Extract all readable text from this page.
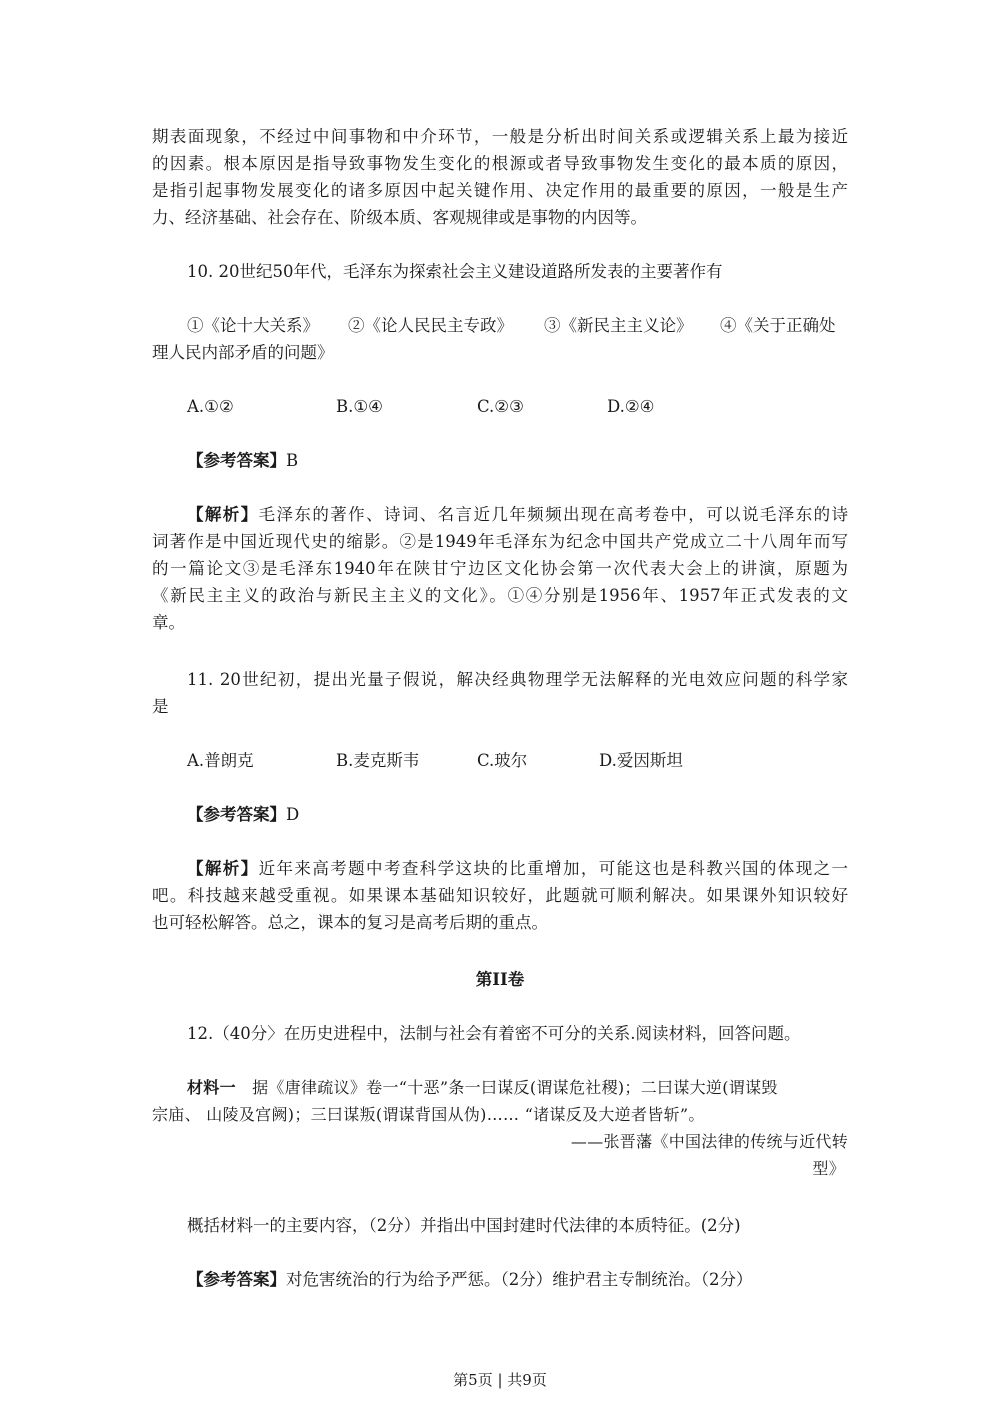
期表面现象，不经过中间事物和中介环节，一般是分析出时间关系或逻辑关系上最为接近
的因素。根本原因是指导致事物发生变化的根源或者导致事物发生变化的最本质的原因，
是指引起事物发展变化的诸多原因中起关键作用、决定作用的最重要的原因，一般是生产
力、经济基础、社会存在、阶级本质、客观规律或是事物的内因等。
10. 20世纪50年代，毛泽东为探索社会主义建设道路所发表的主要著作有
①《论十大关系》 ②《论人民民主专政》 ③《新民主主义论》 ④《关于正确处
理人民内部矛盾的问题》
A.①②	B.①④	C.②③	D.②④
【参考答案】B
【解析】毛泽东的著作、诗词、名言近几年频频出现在高考卷中，可以说毛泽东的诗
词著作是中国近现代史的缩影。②是1949年毛泽东为纪念中国共产党成立二十八周年而写
的一篇论文③是毛泽东1940年在陕甘宁边区文化协会第一次代表大会上的讲演，原题为
《新民主主义的政治与新民主主义的文化》。①④分别是1956年、1957年正式发表的文
章。
11. 20世纪初，提出光量子假说，解决经典物理学无法解释的光电效应问题的科学家
是
A.普朗克	B.麦克斯韦	C.玻尔	D.爱因斯坦
【参考答案】D
【解析】近年来高考题中考查科学这块的比重增加，可能这也是科教兴国的体现之一
吧。科技越来越受重视。如果课本基础知识较好，此题就可顺利解决。如果课外知识较好
也可轻松解答。总之，课本的复习是高考后期的重点。
第II卷
12.（40分〉在历史进程中，法制与社会有着密不可分的关系.阅读材料，回答问题。
材料一 据《唐律疏议》卷一“十恶”条一曰谋反(谓谋危社稷)；二曰谋大逆(谓谋毁
宗庙、 山陵及宫阙)；三曰谋叛(谓谋背国从伪)…… “诸谋反及大逆者皆斩”。
——张晋藩《中国法律的传统与近代转
型》
概括材料一的主要内容，（2分）并指出中国封建时代法律的本质特征。(2分)
【参考答案】对危害统治的行为给予严惩。（2分）维护君主专制统治。（2分）
第5页 | 共9页
